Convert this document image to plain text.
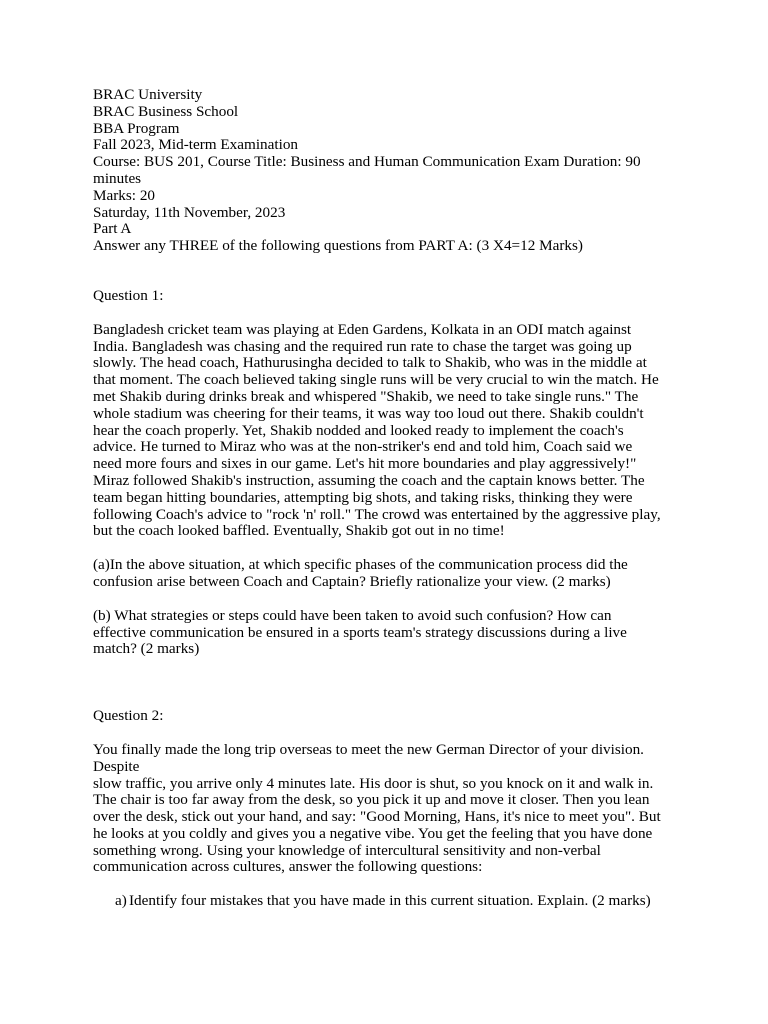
BRAC University
BRAC Business School
BBA Program
Fall 2023, Mid-term Examination
Course: BUS 201, Course Title: Business and Human Communication Exam Duration: 90
minutes
Marks: 20
Saturday, 11th November, 2023
Part A
Answer any THREE of the following questions from PART A: (3 X4=12 Marks)
Question 1:
Bangladesh cricket team was playing at Eden Gardens, Kolkata in an ODI match against
India. Bangladesh was chasing and the required run rate to chase the target was going up
slowly. The head coach, Hathurusingha decided to talk to Shakib, who was in the middle at
that moment. The coach believed taking single runs will be very crucial to win the match. He
met Shakib during drinks break and whispered "Shakib, we need to take single runs." The
whole stadium was cheering for their teams, it was way too loud out there. Shakib couldn't
hear the coach properly. Yet, Shakib nodded and looked ready to implement the coach's
advice. He turned to Miraz who was at the non-striker's end and told him, Coach said we
need more fours and sixes in our game. Let's hit more boundaries and play aggressively!"
Miraz followed Shakib's instruction, assuming the coach and the captain knows better. The
team began hitting boundaries, attempting big shots, and taking risks, thinking they were
following Coach's advice to "rock 'n' roll." The crowd was entertained by the aggressive play,
but the coach looked baffled. Eventually, Shakib got out in no time!
(a)In the above situation, at which specific phases of the communication process did the
confusion arise between Coach and Captain? Briefly rationalize your view. (2 marks)
(b) What strategies or steps could have been taken to avoid such confusion? How can
effective communication be ensured in a sports team's strategy discussions during a live
match? (2 marks)
Question 2:
You finally made the long trip overseas to meet the new German Director of your division.
Despite
slow traffic, you arrive only 4 minutes late. His door is shut, so you knock on it and walk in.
The chair is too far away from the desk, so you pick it up and move it closer. Then you lean
over the desk, stick out your hand, and say: "Good Morning, Hans, it's nice to meet you". But
he looks at you coldly and gives you a negative vibe. You get the feeling that you have done
something wrong. Using your knowledge of intercultural sensitivity and non-verbal
communication across cultures, answer the following questions:
a) Identify four mistakes that you have made in this current situation. Explain. (2 marks)
